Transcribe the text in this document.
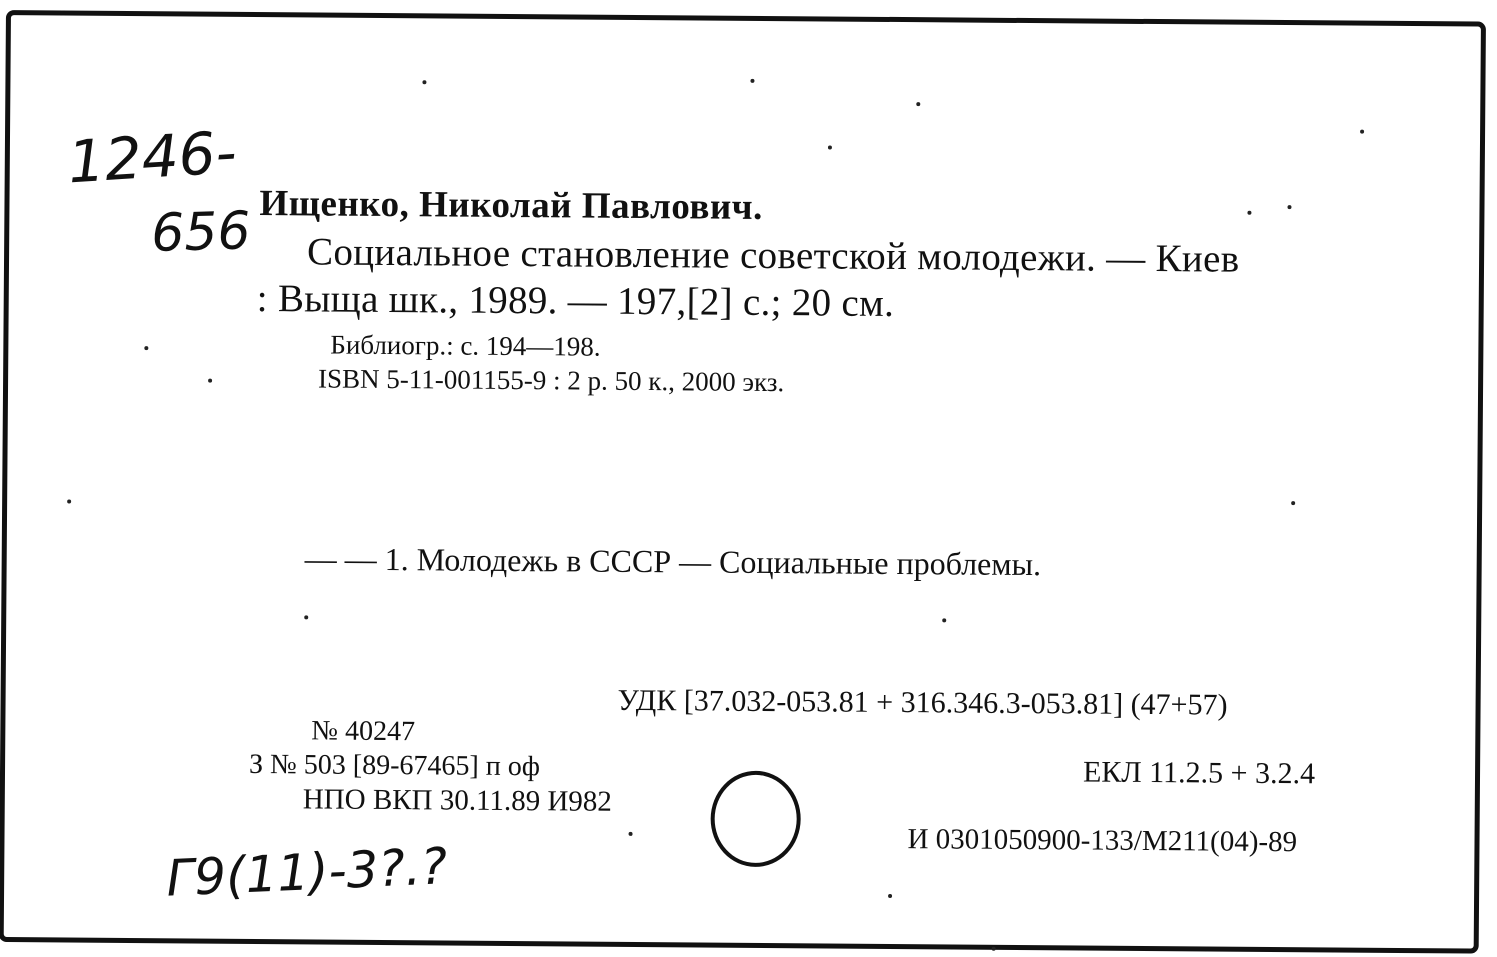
1246-
656 Ищенко, Николай Павлович.
Социальное становление советской молодежи. — Киев
: Выща шк., 1989. — 197,[2] с.; 20 см.
Библиогр.: с. 194—198.
ISBN 5-11-001155-9 : 2 р. 50 к., 2000 экз.
— — 1. Молодежь в СССР — Социальные проблемы.
УДК [37.032-053.81 + 316.346.3-053.81] (47+57)
№ 40247
З № 503 [89-67465] п оф	ЕКЛ 11.2.5 + 3.2.4
НПО ВКП 30.11.89 И982
И 0301050900-133/М211(04)-89
Г9(11)-3?.?
